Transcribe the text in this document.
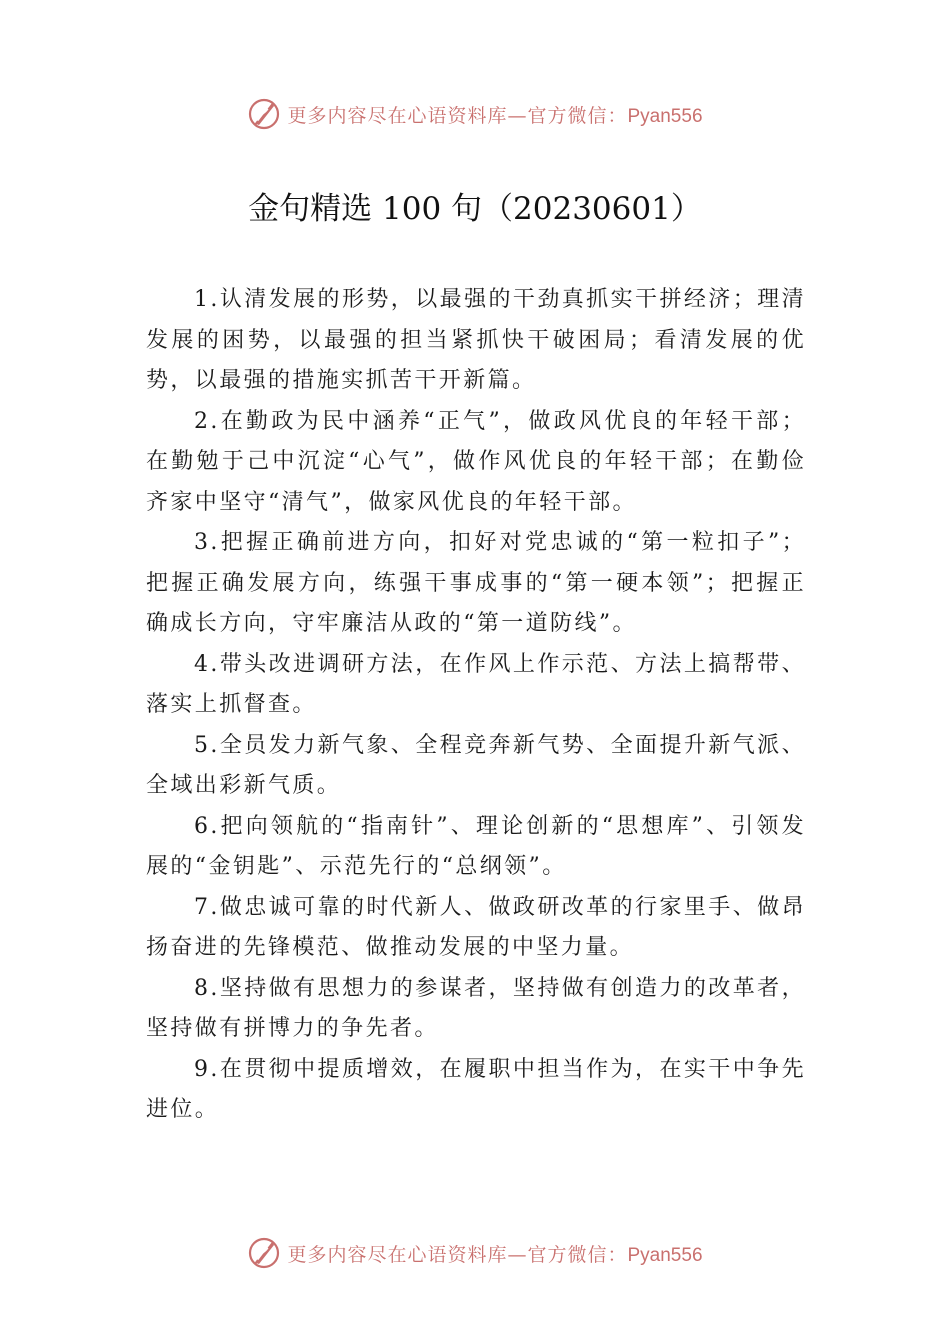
更多内容尽在心语资料库—官方微信：Pyan556
金句精选 100 句（20230601）

1.认清发展的形势，以最强的干劲真抓实干拼经济；理清发展的困势，以最强的担当紧抓快干破困局；看清发展的优势，以最强的措施实抓苦干开新篇。

2.在勤政为民中涵养“正气”，做政风优良的年轻干部；在勤勉于己中沉淀“心气”，做作风优良的年轻干部；在勤俭齐家中坚守“清气”，做家风优良的年轻干部。

3.把握正确前进方向，扣好对党忠诚的“第一粒扣子”；把握正确发展方向，练强干事成事的“第一硬本领”；把握正确成长方向，守牢廉洁从政的“第一道防线”。

4.带头改进调研方法，在作风上作示范、方法上搞帮带、落实上抓督查。

5.全员发力新气象、全程竞奔新气势、全面提升新气派、全域出彩新气质。

6.把向领航的“指南针”、理论创新的“思想库”、引领发展的“金钥匙”、示范先行的“总纲领”。

7.做忠诚可靠的时代新人、做政研改革的行家里手、做昂扬奋进的先锋模范、做推动发展的中坚力量。

8.坚持做有思想力的参谋者，坚持做有创造力的改革者，坚持做有拼博力的争先者。

9.在贯彻中提质增效，在履职中担当作为，在实干中争先进位。

更多内容尽在心语资料库—官方微信：Pyan556
